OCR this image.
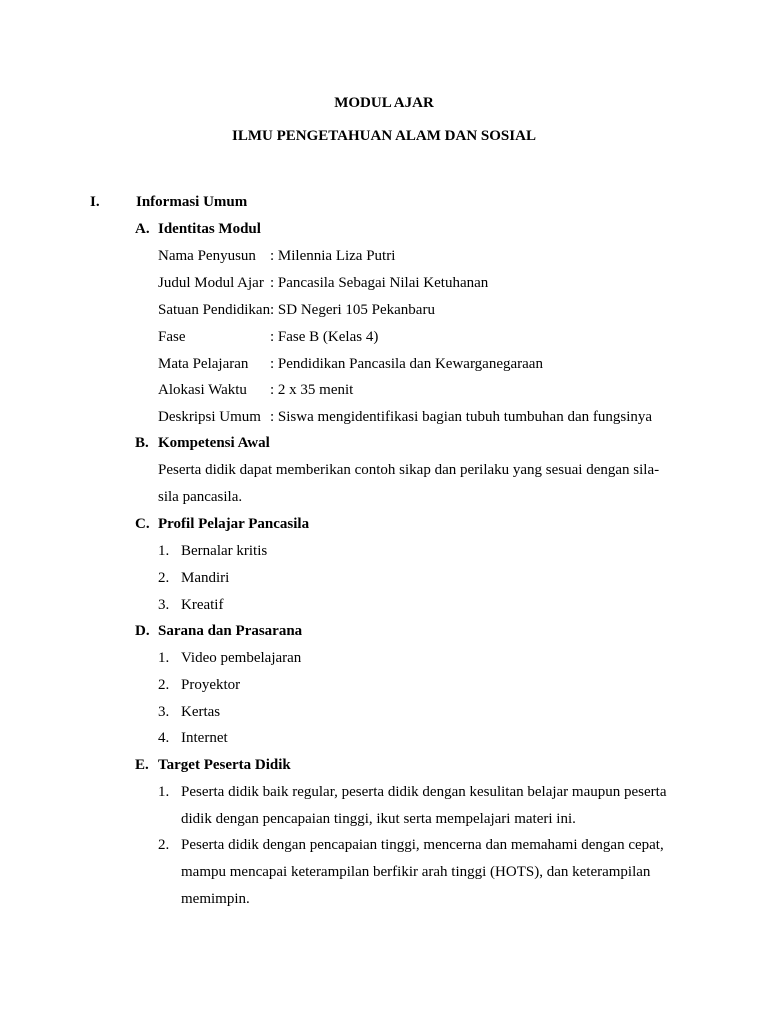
MODUL AJAR
ILMU PENGETAHUAN ALAM DAN SOSIAL
I. Informasi Umum
A. Identitas Modul
Nama Penyusun : Milennia Liza Putri
Judul Modul Ajar : Pancasila Sebagai Nilai Ketuhanan
Satuan Pendidikan : SD Negeri 105 Pekanbaru
Fase	: Fase B (Kelas 4)
Mata Pelajaran : Pendidikan Pancasila dan Kewarganegaraan
Alokasi Waktu : 2 x 35 menit
Deskripsi Umum : Siswa mengidentifikasi bagian tubuh tumbuhan dan fungsinya
B. Kompetensi Awal
Peserta didik dapat memberikan contoh sikap dan perilaku yang sesuai dengan sila-
sila pancasila.
C. Profil Pelajar Pancasila
1. Bernalar kritis
2. Mandiri
3. Kreatif
D. Sarana dan Prasarana
1. Video pembelajaran
2. Proyektor
3. Kertas
4. Internet
E. Target Peserta Didik
1. Peserta didik baik regular, peserta didik dengan kesulitan belajar maupun peserta
didik dengan pencapaian tinggi, ikut serta mempelajari materi ini.
2. Peserta didik dengan pencapaian tinggi, mencerna dan memahami dengan cepat,
mampu mencapai keterampilan berfikir arah tinggi (HOTS), dan keterampilan
memimpin.
